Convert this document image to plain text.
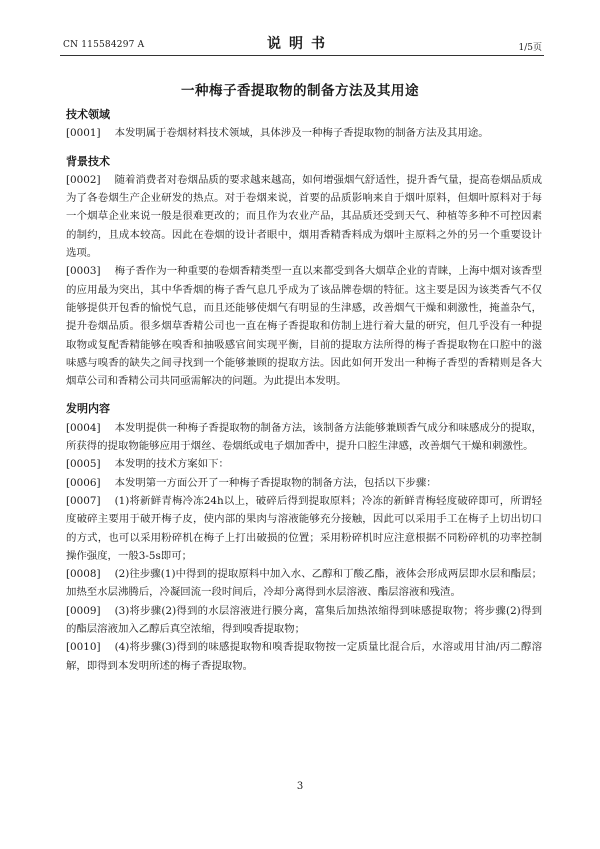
CN 115584297 A	说明书	1/5页
一种梅子香提取物的制备方法及其用途
技术领域

[0001] 本发明属于卷烟材料技术领域，具体涉及一种梅子香提取物的制备方法及其用途。

背景技术

[0002] 随着消费者对卷烟品质的要求越来越高，如何增强烟气舒适性，提升香气量，提高卷烟品质成为了各卷烟生产企业研发的热点。对于卷烟来说，首要的品质影响来自于烟叶原料，但烟叶原料对于每一个烟草企业来说一般是很难更改的；而且作为农业产品，其品质还受到天气、种植等多种不可控因素的制约，且成本较高。因此在卷烟的设计者眼中，烟用香精香料成为烟叶主原料之外的另一个重要设计选项。

[0003] 梅子香作为一种重要的卷烟香精类型一直以来都受到各大烟草企业的青睐，上海中烟对该香型的应用最为突出，其中华香烟的梅子香气息几乎成为了该品牌卷烟的特征。这主要是因为该类香气不仅能够提供开包香的愉悦气息，而且还能够使烟气有明显的生津感，改善烟气干燥和刺激性，掩盖杂气，提升卷烟品质。很多烟草香精公司也一直在梅子香提取和仿制上进行着大量的研究，但几乎没有一种提取物或复配香精能够在嗅香和抽吸感官间实现平衡，目前的提取方法所得的梅子香提取物在口腔中的滋味感与嗅香的缺失之间寻找到一个能够兼顾的提取方法。因此如何开发出一种梅子香型的香精则是各大烟草公司和香精公司共同亟需解决的问题。为此提出本发明。

发明内容

[0004] 本发明提供一种梅子香提取物的制备方法，该制备方法能够兼顾香气成分和味感成分的提取，所获得的提取物能够应用于烟丝、卷烟纸或电子烟加香中，提升口腔生津感，改善烟气干燥和刺激性。

[0005] 本发明的技术方案如下：

[0006] 本发明第一方面公开了一种梅子香提取物的制备方法，包括以下步骤：

[0007] (1)将新鲜青梅冷冻24h以上，破碎后得到提取原料；冷冻的新鲜青梅轻度破碎即可，所谓轻度破碎主要用于破开梅子皮，使内部的果肉与溶液能够充分接触，因此可以采用手工在梅子上切出切口的方式，也可以采用粉碎机在梅子上打出破损的位置；采用粉碎机时应注意根据不同粉碎机的功率控制操作强度，一般3-5s即可；

[0008] (2)往步骤(1)中得到的提取原料中加入水、乙醇和丁酸乙酯，液体会形成两层即水层和酯层；加热至水层沸腾后，冷凝回流一段时间后，冷却分离得到水层溶液、酯层溶液和残渣。

[0009] (3)将步骤(2)得到的水层溶液进行膜分离，富集后加热浓缩得到味感提取物；将步骤(2)得到的酯层溶液加入乙醇后真空浓缩，得到嗅香提取物；

[0010] (4)将步骤(3)得到的味感提取物和嗅香提取物按一定质量比混合后，水溶或用甘油/丙二醇溶解，即得到本发明所述的梅子香提取物。

3
